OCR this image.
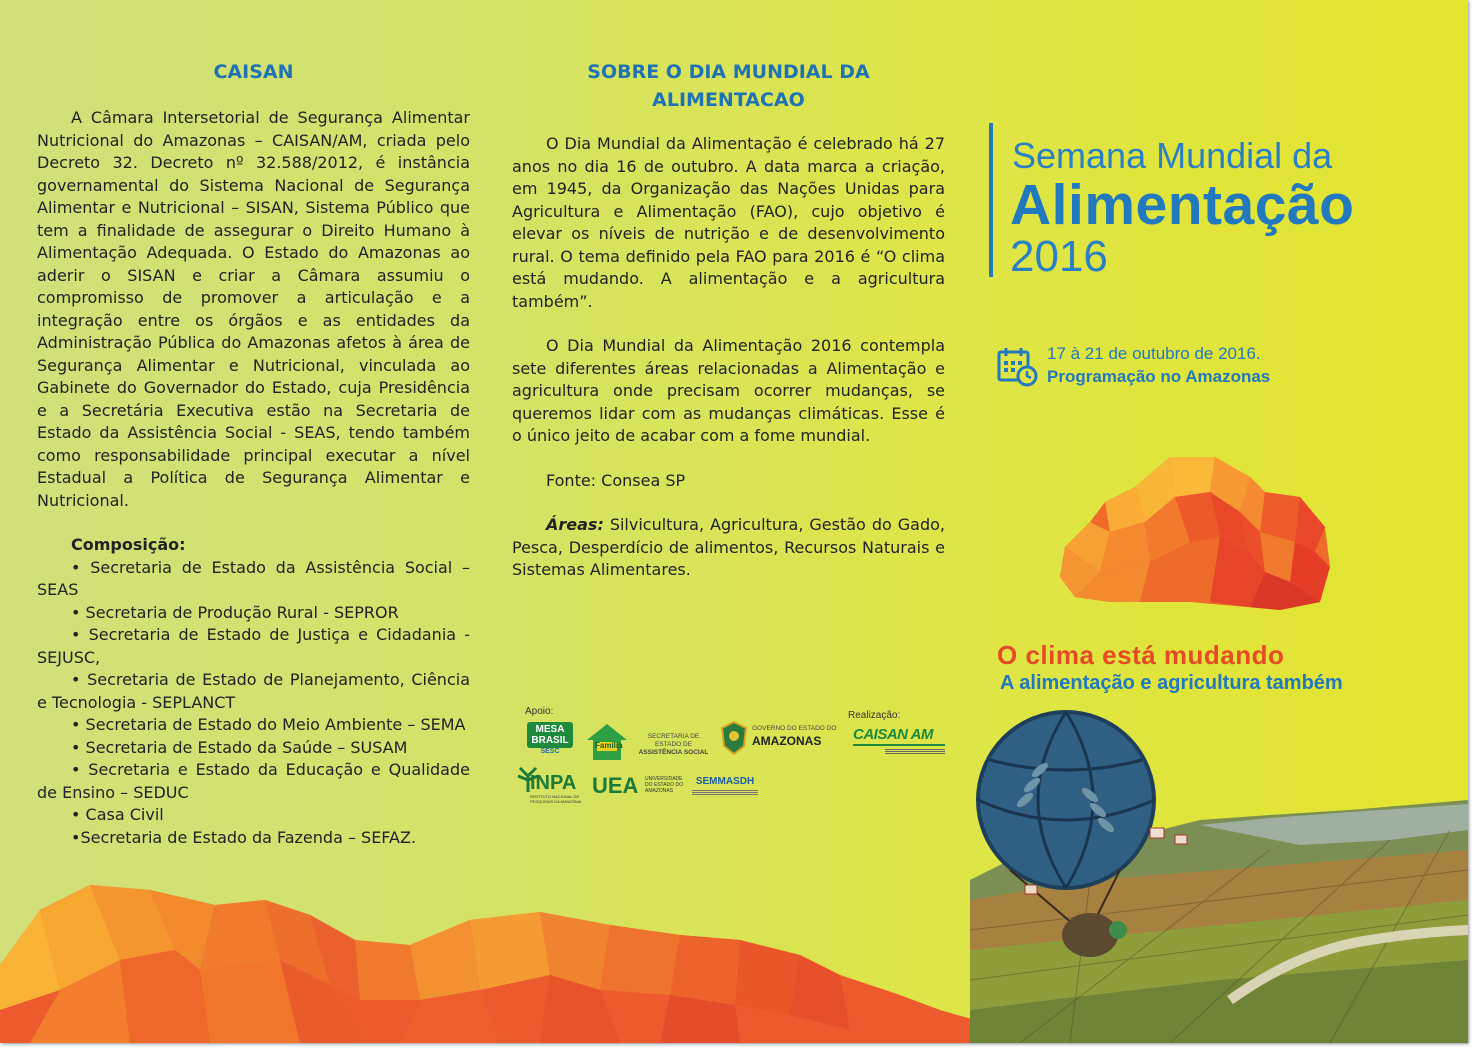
CAISAN

A Câmara Intersetorial de Segurança Alimentar Nutricional do Amazonas – CAISAN/AM, criada pelo Decreto 32. Decreto nº 32.588/2012, é instância governamental do Sistema Nacional de Segurança Alimentar e Nutricional – SISAN, Sistema Público que tem a finalidade de assegurar o Direito Humano à Alimentação Adequada. O Estado do Amazonas ao aderir o SISAN e criar a Câmara assumiu o compromisso de promover a articulação e a integração entre os órgãos e as entidades da Administração Pública do Amazonas afetos à área de Segurança Alimentar e Nutricional, vinculada ao Gabinete do Governador do Estado, cuja Presidência e a Secretária Executiva estão na Secretaria de Estado da Assistência Social - SEAS, tendo também como responsabilidade principal executar a nível Estadual a Política de Segurança Alimentar e Nutricional.

Composição:

• Secretaria de Estado da Assistência Social – SEAS

• Secretaria de Produção Rural - SEPROR

• Secretaria de Estado de Justiça e Cidadania - SEJUSC,

• Secretaria de Estado de Planejamento, Ciência e Tecnologia - SEPLANCT

• Secretaria de Estado do Meio Ambiente – SEMA

• Secretaria de Estado da Saúde – SUSAM

• Secretaria e Estado da Educação e Qualidade de Ensino – SEDUC

• Casa Civil

•Secretaria de Estado da Fazenda – SEFAZ.

SOBRE O DIA MUNDIAL DA
ALIMENTACAO

O Dia Mundial da Alimentação é celebrado há 27 anos no dia 16 de outubro. A data marca a criação, em 1945, da Organização das Nações Unidas para Agricultura e Alimentação (FAO), cujo objetivo é elevar os níveis de nutrição e de desenvolvimento rural. O tema definido pela FAO para 2016 é “O clima está mudando. A alimentação e a agricultura também”.

O Dia Mundial da Alimentação 2016 contempla sete diferentes áreas relacionadas a Alimentação e agricultura onde precisam ocorrer mudanças, se queremos lidar com as mudanças climáticas. Esse é o único jeito de acabar com a fome mundial.

Fonte: Consea SP

Áreas: Silvicultura, Agricultura, Gestão do Gado, Pesca, Desperdício de alimentos, Recursos Naturais e Sistemas Alimentares.

Apoio:	Realização:
MESA BRASIL
SESC
Família
SECRETARIA DE ESTADO DE
ASSISTÊNCIA SOCIAL
GOVERNO DO ESTADO DO
AMAZONAS CAISAN AM
INPA
INSTITUTO NACIONAL DE PESQUISAS DA AMAZÔNIA
UEA UNIVERSIDADE
DO ESTADO DO
AMAZONAS
SEMMASDH
Semana Mundial da
Alimentação
2016
17 à 21 de outubro de 2016.
Programação no Amazonas
O clima está mudando
A alimentação e agricultura também
